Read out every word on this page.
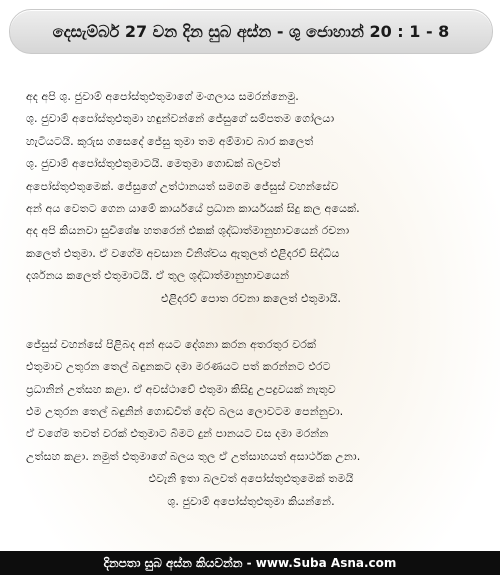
දෙසැම්බර් 27 වන දින සුබ අස්න - ශු ජොහාන් 20 : 1 - 8

අද අපි ශු. ජුවාම් අපෝස්තුළුතුමාගේ මංගලාය සමරන්නෙමු.

ශු. ජුවාම් අපෝස්තුළුතුමා හඳුන්වන්නේ ජේසුගේ සම්පතම ගෝලයා

හැටියටයි. කුරුස ගසෙදේ ජේසු තුමා තම අම්මාව බාර කලෙත්

ශු. ජුවාම් අපෝස්තුළුතුමාටයි. මෙතුමා ගොඩක් බලවත්

අපෝස්තුළුතුමෙක්. ජේසුගේ උත්ථානයත් සමගම ජේසුස් වහන්සේව

අන් අය වෙතට ගෙන යාමේ කාර්යයේ ප්‍රධාන කාර්යයක් සිදු කල අයෙක්.

අද අපි කියනවා සුවිශේෂ හතරෙන් එකක් ශුද්ධාත්මානුභාවයෙන් රචනා

කලෙත් එතුමා. ඒ වගේම අවසාන විනිශ්චය ඇතුලත් එළිදරව් සිද්ධිය

දර්ශනය කලෙත් එතුමාටයි. ඒ තුල ශුද්ධාත්මානුභාවයෙන්

එළිදරව් පොත රචනා කලෙත් එතුමායි.

ජේසුස් වහන්සේ පිළිබද අන් අයට දේශනා කරන අතරතුර වරක්

එතුමාව උතුරන තෙල් බඳුනකට දමා මරණයට පත් කරන්නට එරට

ප්‍රධානින් උත්සහ කළා. ඒ අවස්ථාවේ එතුමා කිසිදු උපද්‍රවයක් නැතුව

එම උතුරන තෙල් බඳුනින් ගොඩවිත් දේව බලය ලොවටම පෙන්නුවා.

ඒ වගේම තවත් වරක් එතුමාට බිමට දුන් පානයට වස දමා මරන්න

උත්සහ කළා. නමුත් එතුමාගේ බලය තුල ඒ උත්සාහයත් අසාර්ථක උනා.

එවැනි ඉතා බලවත් අපෝස්තුළුතුමෙක් තමයි

ශු. ජුවාම් අපෝස්තුළුතුමා කියන්නේ.

දිනපතා සුබ අස්න කියවන්න - www.Suba Asna.com
